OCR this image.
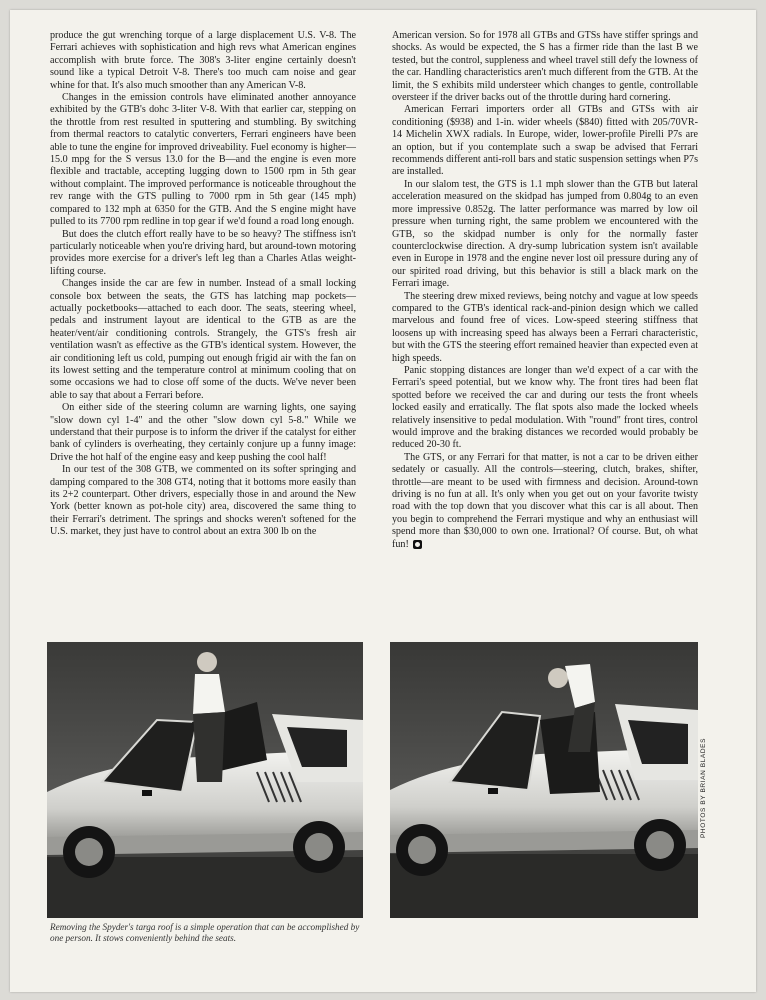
produce the gut wrenching torque of a large displacement U.S. V-8. The Ferrari achieves with sophistication and high revs what American engines accomplish with brute force. The 308's 3-liter engine certainly doesn't sound like a typical Detroit V-8. There's too much cam noise and gear whine for that. It's also much smoother than any American V-8.

Changes in the emission controls have eliminated another annoyance exhibited by the GTB's dohc 3-liter V-8. With that earlier car, stepping on the throttle from rest resulted in sputtering and stumbling. By switching from thermal reactors to catalytic converters, Ferrari engineers have been able to tune the engine for improved driveability. Fuel economy is higher—15.0 mpg for the S versus 13.0 for the B—and the engine is even more flexible and tractable, accepting lugging down to 1500 rpm in 5th gear without complaint. The improved performance is noticeable throughout the rev range with the GTS pulling to 7000 rpm in 5th gear (145 mph) compared to 132 mph at 6350 for the GTB. And the S engine might have pulled to its 7700 rpm redline in top gear if we'd found a road long enough.

But does the clutch effort really have to be so heavy? The stiffness isn't particularly noticeable when you're driving hard, but around-town motoring provides more exercise for a driver's left leg than a Charles Atlas weight-lifting course.

Changes inside the car are few in number. Instead of a small locking console box between the seats, the GTS has latching map pockets—actually pocketbooks—attached to each door. The seats, steering wheel, pedals and instrument layout are identical to the GTB as are the heater/vent/air conditioning controls. Strangely, the GTS's fresh air ventilation wasn't as effective as the GTB's identical system. However, the air conditioning left us cold, pumping out enough frigid air with the fan on its lowest setting and the temperature control at minimum cooling that on some occasions we had to close off some of the ducts. We've never been able to say that about a Ferrari before.

On either side of the steering column are warning lights, one saying "slow down cyl 1-4" and the other "slow down cyl 5-8." While we understand that their purpose is to inform the driver if the catalyst for either bank of cylinders is overheating, they certainly conjure up a funny image: Drive the hot half of the engine easy and keep pushing the cool half!

In our test of the 308 GTB, we commented on its softer springing and damping compared to the 308 GT4, noting that it bottoms more easily than its 2+2 counterpart. Other drivers, especially those in and around the New York (better known as pot-hole city) area, discovered the same thing to their Ferrari's detriment. The springs and shocks weren't softened for the U.S. market, they just have to control about an extra 300 lb on the

American version. So for 1978 all GTBs and GTSs have stiffer springs and shocks. As would be expected, the S has a firmer ride than the last B we tested, but the control, suppleness and wheel travel still defy the lowness of the car. Handling characteristics aren't much different from the GTB. At the limit, the S exhibits mild understeer which changes to gentle, controllable oversteer if the driver backs out of the throttle during hard cornering.

American Ferrari importers order all GTBs and GTSs with air conditioning ($938) and 1-in. wider wheels ($840) fitted with 205/70VR-14 Michelin XWX radials. In Europe, wider, lower-profile Pirelli P7s are an option, but if you contemplate such a swap be advised that Ferrari recommends different anti-roll bars and static suspension settings when P7s are installed.

In our slalom test, the GTS is 1.1 mph slower than the GTB but lateral acceleration measured on the skidpad has jumped from 0.804g to an even more impressive 0.852g. The latter performance was marred by low oil pressure when turning right, the same problem we encountered with the GTB, so the skidpad number is only for the normally faster counterclockwise direction. A dry-sump lubrication system isn't available even in Europe in 1978 and the engine never lost oil pressure during any of our spirited road driving, but this behavior is still a black mark on the Ferrari image.

The steering drew mixed reviews, being notchy and vague at low speeds compared to the GTB's identical rack-and-pinion design which we called marvelous and found free of vices. Low-speed steering stiffness that loosens up with increasing speed has always been a Ferrari characteristic, but with the GTS the steering effort remained heavier than expected even at high speeds.

Panic stopping distances are longer than we'd expect of a car with the Ferrari's speed potential, but we know why. The front tires had been flat spotted before we received the car and during our tests the front wheels locked easily and erratically. The flat spots also made the locked wheels relatively insensitive to pedal modulation. With "round" front tires, control would improve and the braking distances we recorded would probably be reduced 20-30 ft.

The GTS, or any Ferrari for that matter, is not a car to be driven either sedately or casually. All the controls—steering, clutch, brakes, shifter, throttle—are meant to be used with firmness and decision. Around-town driving is no fun at all. It's only when you get out on your favorite twisty road with the top down that you discover what this car is all about. Then you begin to comprehend the Ferrari mystique and why an enthusiast will spend more than $30,000 to own one. Irrational? Of course. But, oh what fun!

Removing the Spyder's targa roof is a simple operation that can be accomplished by one person. It stows conveniently behind the seats.
PHOTOS BY BRIAN BLADES
